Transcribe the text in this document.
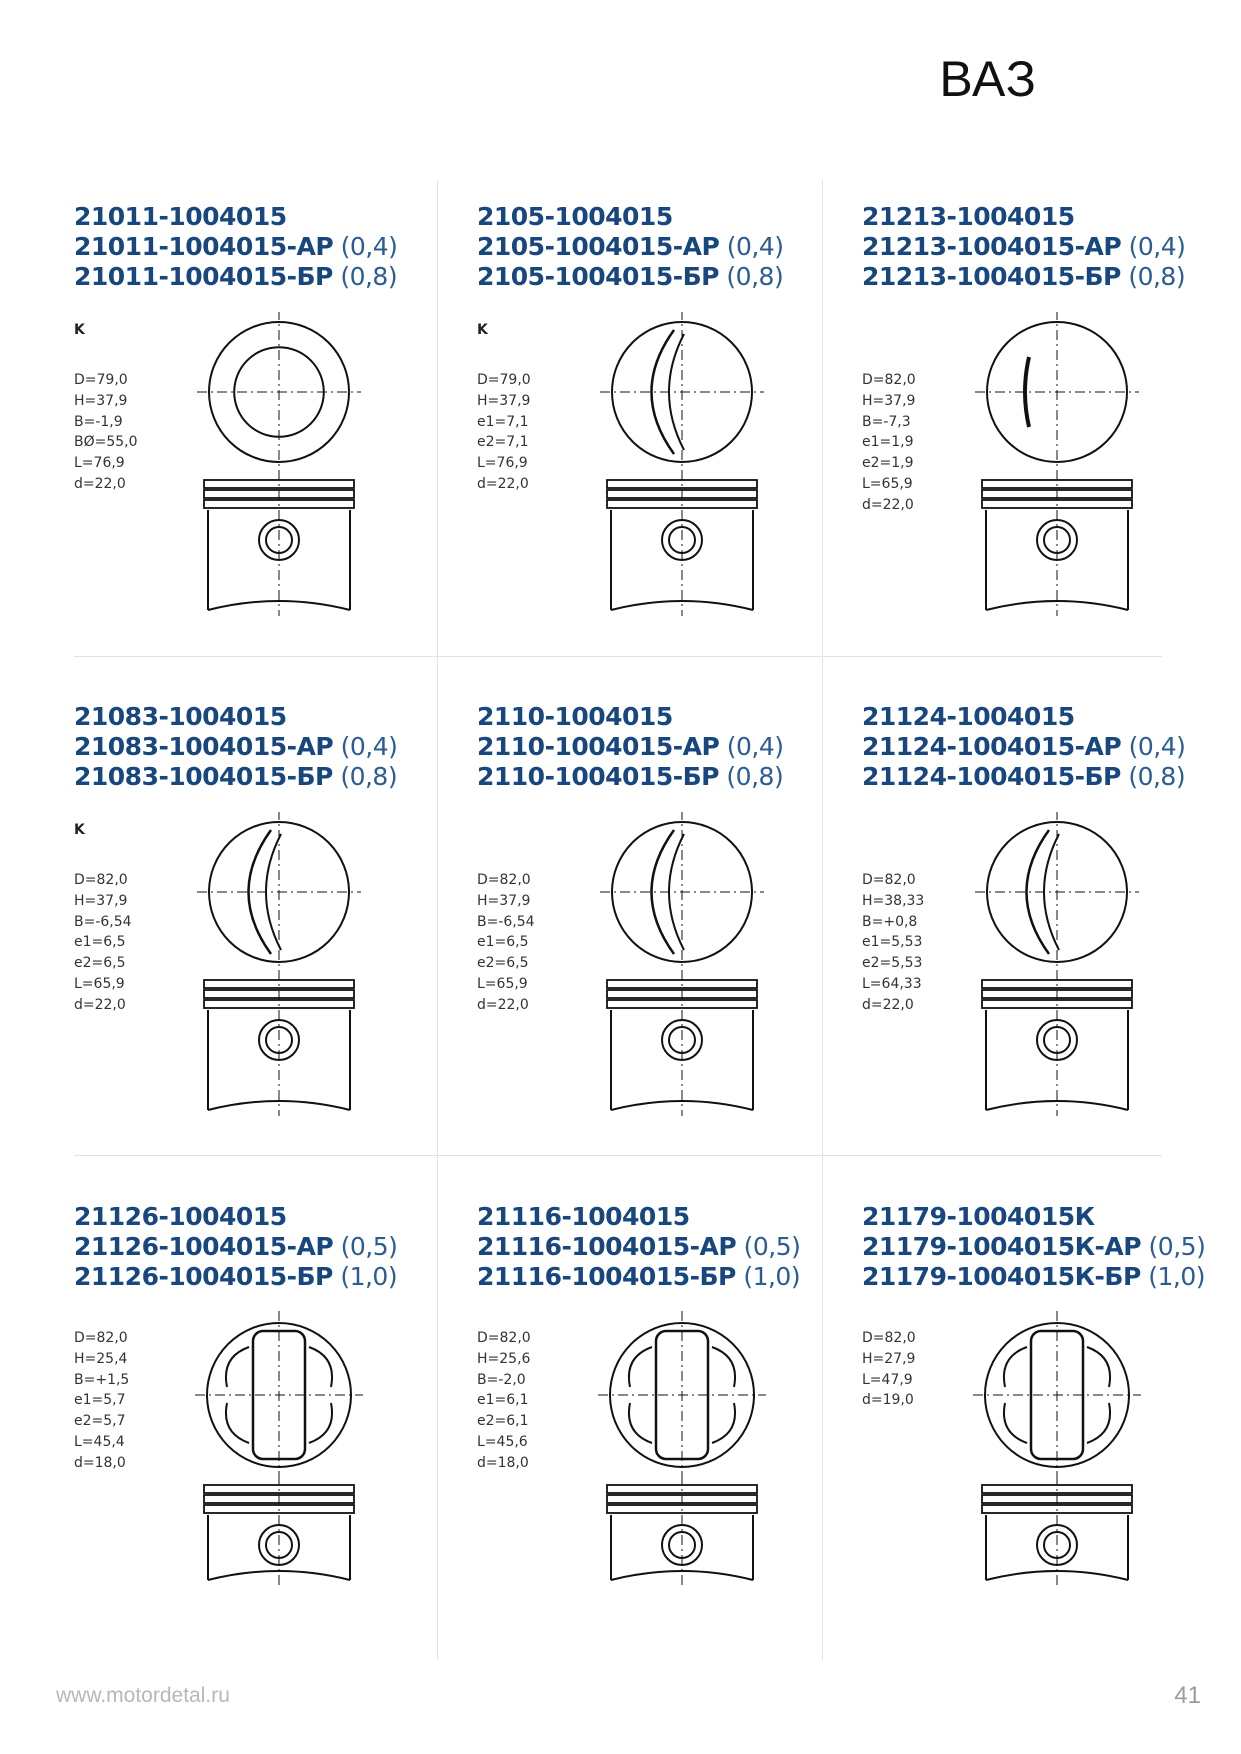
ВАЗ
21011-1004015
21011-1004015-АР (0,4)
21011-1004015-БР (0,8)
K
D=79,0
H=37,9
B=-1,9
BØ=55,0
L=76,9
d=22,0
2105-1004015
2105-1004015-АР (0,4)
2105-1004015-БР (0,8)
K
D=79,0
H=37,9
e1=7,1
e2=7,1
L=76,9
d=22,0
21213-1004015
21213-1004015-АР (0,4)
21213-1004015-БР (0,8)
D=82,0
H=37,9
B=-7,3
e1=1,9
e2=1,9
L=65,9
d=22,0
21083-1004015
21083-1004015-АР (0,4)
21083-1004015-БР (0,8)
K
D=82,0
H=37,9
B=-6,54
e1=6,5
e2=6,5
L=65,9
d=22,0
2110-1004015
2110-1004015-АР (0,4)
2110-1004015-БР (0,8)
D=82,0
H=37,9
B=-6,54
e1=6,5
e2=6,5
L=65,9
d=22,0
21124-1004015
21124-1004015-АР (0,4)
21124-1004015-БР (0,8)
D=82,0
H=38,33
B=+0,8
e1=5,53
e2=5,53
L=64,33
d=22,0
21126-1004015
21126-1004015-АР (0,5)
21126-1004015-БР (1,0)
D=82,0
H=25,4
B=+1,5
e1=5,7
e2=5,7
L=45,4
d=18,0
21116-1004015
21116-1004015-АР (0,5)
21116-1004015-БР (1,0)
D=82,0
H=25,6
B=-2,0
e1=6,1
e2=6,1
L=45,6
d=18,0
21179-1004015К
21179-1004015К-АР (0,5)
21179-1004015К-БР (1,0)
D=82,0
H=27,9
L=47,9
d=19,0
www.motordetal.ru	41
